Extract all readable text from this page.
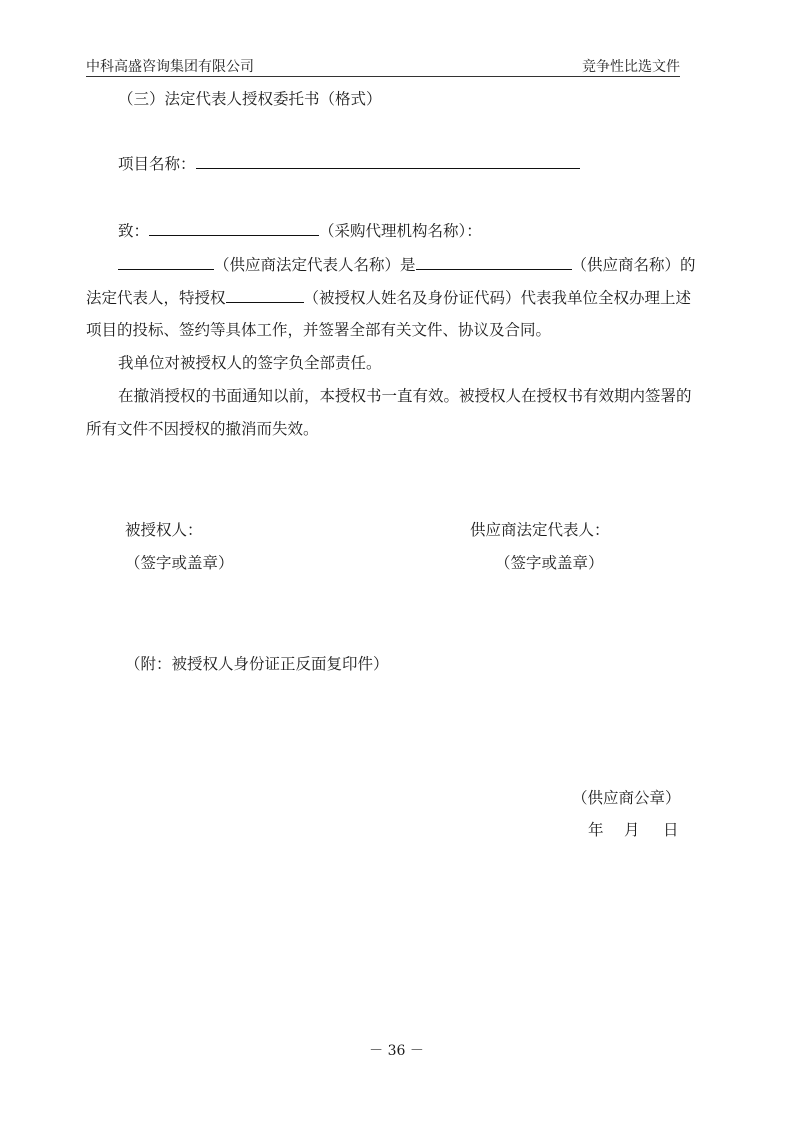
中科高盛咨询集团有限公司	竞争性比选文件
（三）法定代表人授权委托书（格式）
项目名称：
致：	（采购代理机构名称）：
（供应商法定代表人名称）是	（供应商名称）的
法定代表人，特授权	（被授权人姓名及身份证代码）代表我单位全权办理上述
项目的投标、签约等具体工作，并签署全部有关文件、协议及合同。
我单位对被授权人的签字负全部责任。
在撤消授权的书面通知以前，本授权书一直有效。被授权人在授权书有效期内签署的
所有文件不因授权的撤消而失效。
被授权人：
（签字或盖章）
供应商法定代表人：
（签字或盖章）
（附：被授权人身份证正反面复印件）
（供应商公章）
年 月 日
－ 36 －
